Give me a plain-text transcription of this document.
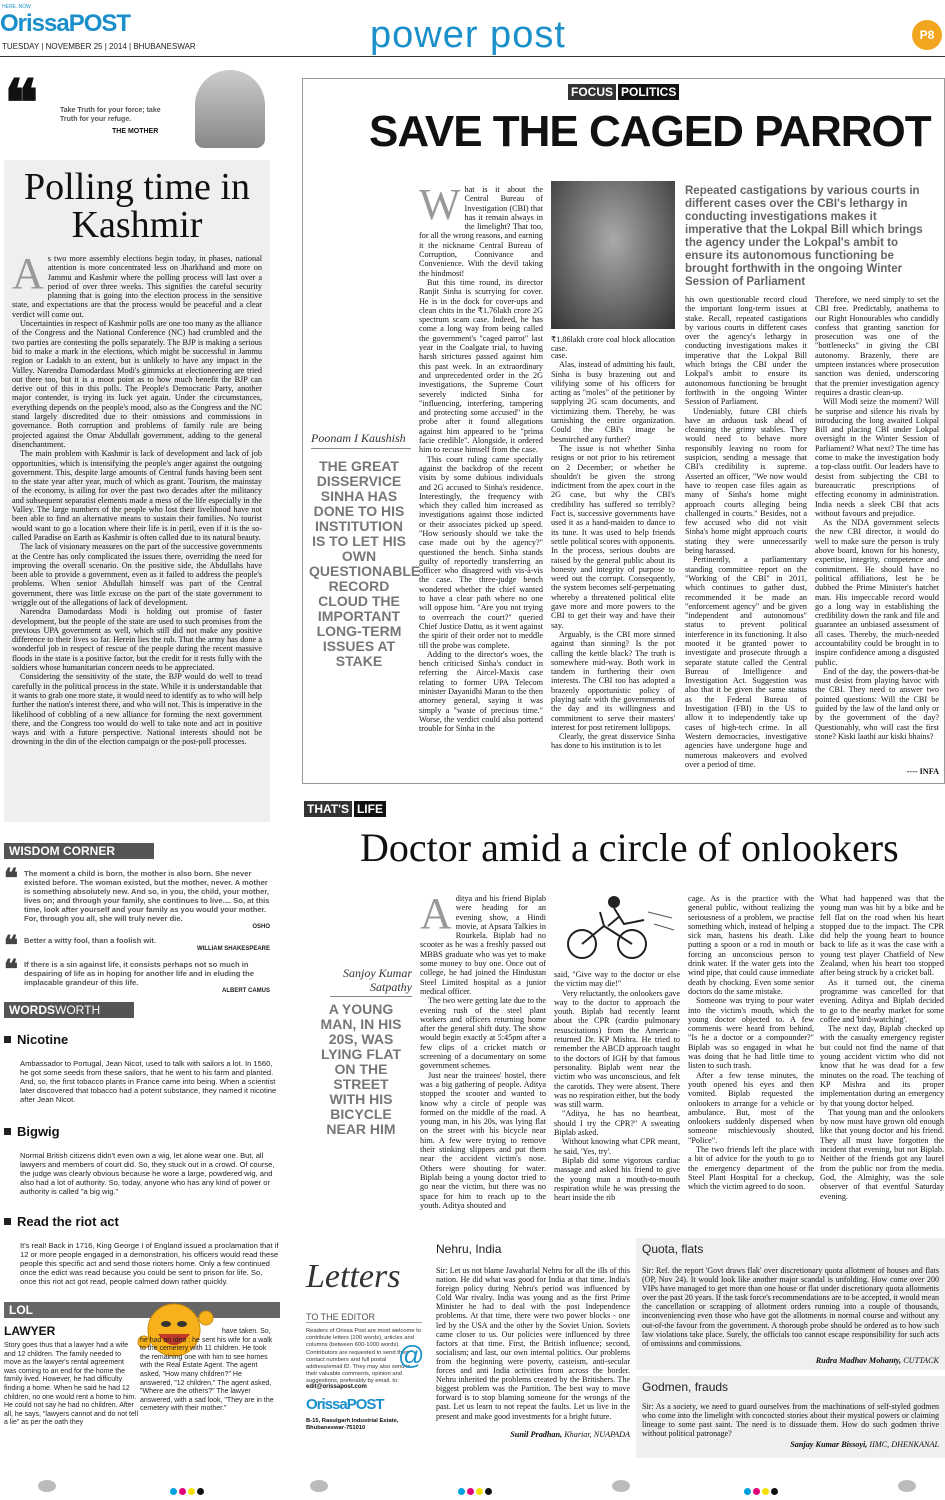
HERE. NOW
OrissaPOST
TUESDAY | NOVEMBER 25 | 2014 | BHUBANESWAR	power post	P8
❝	Take Truth for your force; take Truth for your refuge.
THE MOTHER
Polling time in Kashmir
A s two more assembly elections begin today, in phases, national attention is more concentrated less on Jharkhand and more on Jammu and Kashmir where the polling process will last over a period of over three weeks. This signifies the careful security planning that is going into the election process in the sensitive state, and expectations are that the process would be peaceful and a clear verdict will come out.

Uncertainties in respect of Kashmir polls are one too many as the alliance of the Congress and the National Conference (NC) had crumbled and the two parties are contesting the polls separately. The BJP is making a serious bid to make a mark in the elections, which might be successful in Jammu region or Ladakh to an extent, but is unlikely to have any impact in the Valley. Narendra Damodardass Modi's gimmicks at electioneering are tried out there too, but it is a moot point as to how much benefit the BJP can derive out of this in this polls. The People's Democratic Party, another major contender, is trying its luck yet again. Under the circumstances, everything depends on the people's mood, also as the Congress and the NC stand largely discredited due to their omissions and commissions in governance. Both corruption and problems of family rule are being projected against the Omar Abdullah government, adding to the general disenchantment.

The main problem with Kashmir is lack of development and lack of job opportunities, which is intensifying the people's anger against the outgoing government. This, despite large amounts of Central funds having been sent to the state year after year, much of which as grant. Tourism, the mainstay of the economy, is ailing for over the past two decades after the militancy and subsequent separatist elements made a mess of the life especially in the Valley. The large numbers of the people who lost their livelihood have not been able to find an alternative means to sustain their families. No tourist would want to go a location where their life is in peril, even if it is the so-called Paradise on Earth as Kashmir is often called due to its natural beauty.

The lack of visionary measures on the part of the successive governments at the Centre has only complicated the issues there, overriding the need for improving the overall scenario. On the positive side, the Abdullahs have been able to provide a government, even as it failed to address the people's problems. When senior Abdullah himself was part of the Central government, there was little excuse on the part of the state government to wriggle out of the allegations of lack of development.

Narendra Damodardass Modi is holding out promise of faster development, but the people of the state are used to such promises from the previous UPA government as well, which still did not make any positive difference to their lives so far. Herein lies the rub. That the army has done a wonderful job in respect of rescue of the people during the recent massive floods in the state is a positive factor, but the credit for it rests fully with the soldiers whose humanitarian concern needs to be appreciated.

Considering the sensitivity of the state, the BJP would do well to tread carefully in the political process in the state. While it is understandable that it wants to grab one more state, it would need to identify as to who will help further the nation's interest there, and who will not. This is imperative in the likelihood of cobbling of a new alliance for forming the next government there, and the Congress too would do well to take note and act in positive ways and with a future perspective. National interests should not be drowning in the din of the election campaign or the post-poll processes.

WISDOM CORNER
❝ The moment a child is born, the mother is also born. She never existed before. The woman existed, but the mother, never. A mother is something absolutely new. And so, in you, the child, your mother, lives on; and through your family, she continues to live.... So, at this time, look after yourself and your family as you would your mother. For, through you all, she will truly never die.
OSHO
❝ Better a witty fool, than a foolish wit.
WILLIAM SHAKESPEARE
❝ If there is a sin against life, it consists perhaps not so much in despairing of life as in hoping for another life and in eluding the implacable grandeur of this life.
ALBERT CAMUS
WORDSWORTH
Nicotine
Ambassador to Portugal, Jean Nicot, used to talk with sailors a lot. In 1560, he got some seeds from these sailors, that he went to his farm and planted. And, so, the first tobacco plants in France came into being. When a scientist later discovered that tobacco had a potent substance, they named it nicotine after Jean Nicot.
Bigwig
Normal British citizens didn't even own a wig, let alone wear one. But, all lawyers and members of court did. So, they stuck out in a crowd. Of course, the judge was clearly obvious because he wore a large, powdered wig, and also had a lot of authority. So, today, anyone who has any kind of power or authority is called "a big wig."
Read the riot act
It's real! Back in 1716, King George I of England issued a proclamation that if 12 or more people engaged in a demonstration, his officers would read these people this specific act and send those rioters home. Only a few continued once the edict was read because you could be sent to prison for life. So, once this riot act got read, people calmed down rather quickly.
LOL
LAWYER
Story goes thus that a lawyer had a wife and 12 children. The family needed to move as the lawyer's rental agreement was coming to an end for the home the family lived. However, he had difficulty finding a home. When he said he had 12 children, no one would rent a home to him. He could not say he had no children. After all, he says, "lawyers cannot and do not tell a lie" as per the oath they
have taken. So, he had an idea : he sent his wife for a walk to the cemetery with 11 children. He took the remaining one with him to see homes with the Real Estate Agent. The agent asked, "How many children?" He answered, "12 children." The agent asked, "Where are the others?" The lawyer answered, with a sad look, "They are in the cemetery with their mother."
FOCUS POLITICS
SAVE THE CAGED PARROT
Poonam I Kaushish
THE GREAT DISSERVICE SINHA HAS DONE TO HIS INSTITUTION IS TO LET HIS OWN QUESTIONABLE RECORD CLOUD THE IMPORTANT LONG-TERM ISSUES AT STAKE
W hat is it about the Central Bureau of Investigation (CBI) that has it remain always in the limelight? That too, for all the wrong reasons, and earning it the nickname Central Bureau of Corruption, Connivance and Convenience. With the devil taking the hindmost!

But this time round, its director Ranjit Sinha is scurrying for cover. He is in the dock for cover-ups and clean chits in the ₹1.76lakh crore 2G spectrum scam case. Indeed, he has come a long way from being called the government's "caged parrot" last year in the Coalgate trial, to having harsh strictures passed against him this past week. In an extraordinary and unprecedented order in the 2G investigations, the Supreme Court severely indicted Sinha for "influencing, interfering, tampering and protecting some accused" in the probe after it found allegations against him appeared to be "prima facie credible". Alongside, it ordered him to recuse himself from the case.

This court ruling came specially against the backdrop of the recent visits by some dubious individuals and 2G accused to Sinha's residence. Interestingly, the frequency with which they called him increased as investigations against those indicted or their associates picked up speed. "How seriously should we take the case made out by the agency?" questioned the bench. Sinha stands guilty of reportedly transferring an officer who disagreed with vis-à-vis the case. The three-judge bench wondered whether the chief wanted to have a clear path where no one will oppose him. "Are you not trying to overreach the court?" queried Chief Justice Dattu, as it went against the spirit of their order not to meddle till the probe was complete.

Adding to the director's woes, the bench criticised Sinha's conduct in referring the Aircel-Maxis case relating to former UPA Telecom minister Dayanidhi Maran to the then attorney general, saying it was simply a "waste of precious time." Worse, the verdict could also portend trouble for Sinha in the

₹1.86lakh crore coal block allocation case.

case.

Alas, instead of admitting his fault, Sinha is busy brazening out and vilifying some of his officers for acting as "moles" of the petitioner by supplying 2G scam documents, and victimizing them. Thereby, he was tarnishing the entire organization. Could the CBI's image be besmirched any further?

The issue is not whether Sinha resigns or not prior to his retirement on 2 December; or whether he shouldn't be given the strong indictment from the apex court in the 2G case, but why the CBI's credibility has suffered so terribly? Fact is, successive governments have used it as a hand-maiden to dance to its tune. It was used to help friends settle political scores with opponents. In the process, serious doubts are raised by the general public about its honesty and integrity of purpose to weed out the corrupt. Consequently, the system becomes self-perpetuating whereby a threatened political elite gave more and more powers to the CBI to get their way and have their say.

Arguably, is the CBI more sinned against than sinning? Is the pot calling the kettle black? The truth is somewhere mid-way. Both work in tandem in furthering their own interests. The CBI too has adopted a brazenly opportunistic policy of playing safe with the governments of the day and its willingness and commitment to serve their masters' interest for post retirement lollipops.

Clearly, the great disservice Sinha has done to his institution is to let

Repeated castigations by various courts in different cases over the CBI's lethargy in conducting investigations makes it imperative that the Lokpal Bill which brings the agency under the Lokpal's ambit to ensure its autonomous functioning be brought forthwith in the ongoing Winter Session of Parliament

his own questionable record cloud the important long-term issues at stake. Recall, repeated castigations by various courts in different cases over the agency's lethargy in conducting investigations makes it imperative that the Lokpal Bill which brings the CBI under the Lokpal's ambit to ensure its autonomous functioning be brought forthwith in the ongoing Winter Session of Parliament.

Undeniably, future CBI chiefs have an arduous task ahead of cleansing the grimy stables. They would need to behave more responsibly leaving no room for suspicion, sending a message that CBI's credibility is supreme. Asserted an officer, "We now would have to reopen case files again as many of Sinha's home might approach courts alleging being challenged in courts." Besides, not a few accused who did not visit Sinha's home might approach courts stating they were unnecessarily being harassed.

Pertinently, a parliamentary standing committee report on the "Working of the CBI" in 2011, which continues to gather dust, recommended it be made an "enforcement agency" and be given "independent and autonomous" status to prevent political interference in its functioning. It also mooted it be granted power to investigate and prosecute through a separate statute called the Central Bureau of Intelligence and Investigation Act. Suggestion was also that it be given the same status as the Federal Bureau of Investigation (FBI) in the US to allow it to independently take up cases of high-tech crime. In all Western democracies, investigative agencies have undergone huge and numerous makeovers and evolved over a period of time.

Therefore, we need simply to set the CBI free. Predictably, anathema to our Right Honourables who candidly confess that granting sanction for prosecution was one of the "bottlenecks" in giving the CBI autonomy. Brazenly, there are umpteen instances where prosecution sanction was denied, underscoring that the premier investigation agency requires a drastic clean-up.

Will Modi seize the moment? Will he surprise and silence his rivals by introducing the long awaited Lokpal Bill and placing CBI under Lokpal oversight in the Winter Session of Parliament? What next? The time has come to make the investigation body a top-class outfit. Our leaders have to desist from subjecting the CBI to bureaucratic prescriptions of effecting economy in administration. India needs a sleek CBI that acts without favours and prejudice.

As the NDA government selects the new CBI director, it would do well to make sure the person is truly above board, known for his honesty, expertise, integrity, competence and commitment. He should have no political affiliations, lest he be dubbed the Prime Minister's hatchet man. His impeccable record would go a long way in establishing the credibility down the rank and file and guarantee an unbiased assessment of all cases. Thereby, the much-needed accountability could be brought in to inspire confidence among a disgusted public.

End of the day, the powers-that-be must desist from playing havoc with the CBI. They need to answer two pointed questions: Will the CBI be guided by the law of the land only or by the government of the day? Questionably, who will cast the first stone? Kiski laathi aur kiski bhains?

---- INFA
THAT'S LIFE
Doctor amid a circle of onlookers
Sanjoy Kumar Satpathy
A YOUNG MAN, IN HIS 20S, WAS LYING FLAT ON THE STREET WITH HIS BICYCLE NEAR HIM
A ditya and his friend Biplab were heading for an evening show, a Hindi movie, at Apsara Talkies in Rourkela. Biplab had no scooter as he was a freshly passed out MBBS graduate who was yet to make some money to buy one. Once out of college, he had joined the Hindustan Steel Limited hospital as a junior medical officer.

The two were getting late due to the evening rush of the steel plant workers and officers returning home after the general shift duty. The show would begin exactly at 5:45pm after a few clips of a cricket match or screening of a documentary on some government schemes.

Just near the trainees' hostel, there was a big gathering of people. Aditya stopped the scooter and wanted to know why a circle of people was formed on the middle of the road. A young man, in his 20s, was lying flat on the street with his bicycle near him. A few were trying to remove their stinking slippers and put them near the accident victim's nose. Others were shouting for water. Biplab being a young doctor tried to go near the victim, but there was no space for him to reach up to the youth. Aditya shouted and

said, "Give way to the doctor or else the victim may die!"

Very reluctantly, the onlookers gave way to the doctor to approach the youth. Biplab had recently learnt about the CPR (cardio pulmonary resuscitations) from the American-returned Dr. KP Mishra. He tried to remember the ABCD approach taught to the doctors of IGH by that famous personality. Biplab went near the victim who was unconscious, and felt the carotids. They were absent. There was no respiration either, but the body was still warm.

"Aditya, he has no heartbeat, should I try the CPR?" A sweating Biplab asked.

Without knowing what CPR meant, he said, 'Yes, try'.

Biplab did some vigorous cardiac massage and asked his friend to give the young man a mouth-to-mouth respiration while he was pressing the heart inside the rib

cage. As is the practice with the general public, without realizing the seriousness of a problem, we practise something which, instead of helping a sick man, hastens his death. Like putting a spoon or a rod in mouth or forcing an unconscious person to drink water. If the water gets into the wind pipe, that could cause immediate death by chocking. Even some senior doctors do the same mistake.

Someone was trying to pour water into the victim's mouth, which the young doctor objected to. A few comments were heard from behind, "Is he a doctor or a compounder?" Biplab was so engaged in what he was doing that he had little time to listen to such trash.

After a few tense minutes, the youth opened his eyes and then vomited. Biplab requested the onlookers to arrange for a vehicle or ambulance. But, most of the onlookers suddenly dispersed when someone mischievously shouted, "Police".

The two friends left the place with a bit of advice for the youth to go to the emergency department of the Steel Plant Hospital for a checkup, which the victim agreed to do soon.

What had happened was that the young man was hit by a bike and he fell flat on the road when his heart stopped due to the impact. The CPR did help the young heart to bounce back to life as it was the case with a young test player Chatfield of New Zealand, when his heart too stopped after being struck by a cricket ball.

As it turned out, the cinema programme was cancelled for that evening. Aditya and Biplab decided to go to the nearby market for some coffee and 'bird-watching'.

The next day, Biplab checked up with the casualty emergency register but could not find the name of that young accident victim who did not know that he was dead for a few minutes on the road. The teaching of KP Mishra and its proper implementation during an emergency by that young doctor helped.

That young man and the onlookers by now must have grown old enough like that young doctor and his friend. They all must have forgotten the incident that evening, but not Biplab. Neither of the friends got any laurel from the public nor from the media. God, the Almighty, was the sole observer of that eventful Saturday evening.

Letters
TO THE EDITOR
Readers of Orissa Post are most welcome to contribute letters (100 words), articles and columns (between 600-1000 words). Contributors are requested to send their contact numbers and full postal address/email ID. They may also send in their valuable comments, opinion and suggestions, preferably by email, to:
edit@orissapost.com
@
OrissaPOST
B-15, Rasulgarh Industrial Estate, Bhubaneswar-751010
Nehru, India
Sir: Let us not blame Jawaharlal Nehru for all the ills of this nation. He did what was good for India at that time. India's foreign policy during Nehru's period was influenced by Cold War rivalry. India was young and as the first Prime Minister he had to deal with the post Independence problems. At that time, there were two power blocks - one led by the USA and the other by the Soviet Union. Soviets came closer to us. Our policies were influenced by three factors at that time. First, the British influence; second, socialism; and last, our own internal politics. Our problems from the beginning were poverty, casteism, anti-secular forces and anti India activities from across the border. Nehru inherited the problems created by the Britishers. The biggest problem was the Partition. The best way to move forward is to stop blaming someone for the wrongs of the past. Let us learn to not repeat the faults. Let us live in the present and make good investments for a bright future.
Sunil Pradhan, Khariar, NUAPADA
Quota, flats
Sir: Ref. the report 'Govt draws flak' over discretionary quota allotment of houses and flats (OP, Nov 24). It would look like another major scandal is unfolding. How come over 200 VIPs have managed to get more than one house or flat under discretionary quota allotments over the past 20 years. If the task force's recommendations are to be accepted, it would mean the cancellation or scrapping of allotment orders running into a couple of thousands, inconveniencing even those who have got the allotments in normal course and without any out-of-the favour from the government. A thorough probe should be ordered as to how such law violations take place. Surely, the officials too cannot escape responsibility for such acts of omissions and commissions.
Rudra Madhav Mohanty, CUTTACK
Godmen, frauds
Sir: As a society, we need to guard ourselves from the machinations of self-styled godmen who come into the limelight with concocted stories about their mystical powers or claiming lineage to some past saint. The need is to dissuade them. How do such godmen thrive without political patronage?
Sanjay Kumar Bissoyi, IIMC, DHENKANAL
